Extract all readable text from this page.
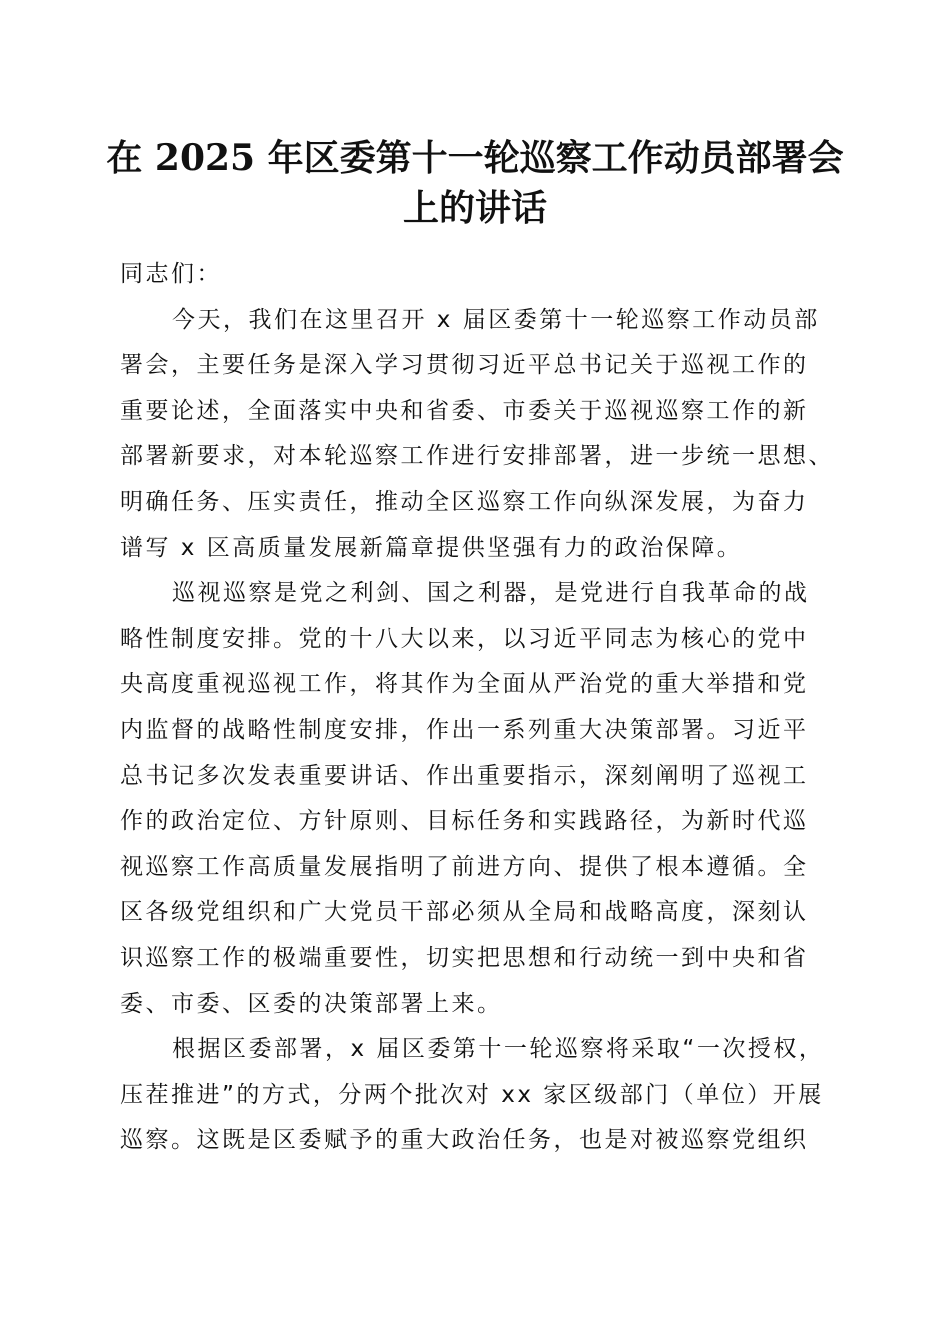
在 2025 年区委第十一轮巡察工作动员部署会
上的讲话
同志们：
今天，我们在这里召开 x 届区委第十一轮巡察工作动员部
署会，主要任务是深入学习贯彻习近平总书记关于巡视工作的
重要论述，全面落实中央和省委、市委关于巡视巡察工作的新
部署新要求，对本轮巡察工作进行安排部署，进一步统一思想、
明确任务、压实责任，推动全区巡察工作向纵深发展，为奋力
谱写 x 区高质量发展新篇章提供坚强有力的政治保障。
巡视巡察是党之利剑、国之利器，是党进行自我革命的战
略性制度安排。党的十八大以来，以习近平同志为核心的党中
央高度重视巡视工作，将其作为全面从严治党的重大举措和党
内监督的战略性制度安排，作出一系列重大决策部署。习近平
总书记多次发表重要讲话、作出重要指示，深刻阐明了巡视工
作的政治定位、方针原则、目标任务和实践路径，为新时代巡
视巡察工作高质量发展指明了前进方向、提供了根本遵循。全
区各级党组织和广大党员干部必须从全局和战略高度，深刻认
识巡察工作的极端重要性，切实把思想和行动统一到中央和省
委、市委、区委的决策部署上来。
根据区委部署，x 届区委第十一轮巡察将采取“一次授权，
压茬推进”的方式，分两个批次对 xx 家区级部门（单位）开展
巡察。这既是区委赋予的重大政治任务，也是对被巡察党组织
